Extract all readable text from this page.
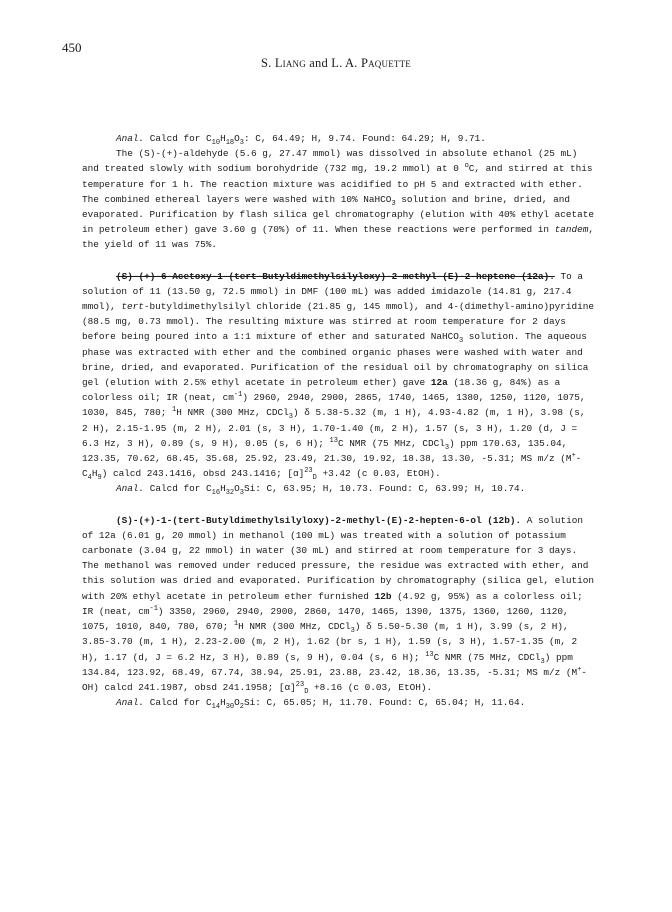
450
S. Liang and L. A. Paquette

Anal. Calcd for $C_{10}H_{18}O_3$: C, 64.49; H, 9.74. Found: 64.29; H, 9.71.

The (S)-(+)-aldehyde (5.6 g, 27.47 mmol) was dissolved in absolute ethanol (25 mL) and treated slowly with sodium borohydride (732 mg, 19.2 mmol) at 0 $^o$C, and stirred at this temperature for 1 h. The reaction mixture was acidified to pH 5 and extracted with ether. The combined ethereal layers were washed with 10% NaHCO$_3$ solution and brine, dried, and evaporated. Purification by flash silica gel chromatography (elution with 40% ethyl acetate in petroleum ether) gave 3.60 g (70%) of 11. When these reactions were performed in tandem, the yield of 11 was 75%.

(S)-(+)-6-Acetoxy-1-(tert-Butyldimethylsilyloxy)-2-methyl-(E)-2-heptene (12a). To a solution of 11 (13.50 g, 72.5 mmol) in DMF (100 mL) was added imidazole (14.81 g, 217.4 mmol), tert-butyldimethylsilyl chloride (21.85 g, 145 mmol), and 4-(dimethyl-amino)pyridine (88.5 mg, 0.73 mmol). The resulting mixture was stirred at room temperature for 2 days before being poured into a 1:1 mixture of ether and saturated NaHCO$_3$ solution. The aqueous phase was extracted with ether and the combined organic phases were washed with water and brine, dried, and evaporated. Purification of the residual oil by chromatography on silica gel (elution with 2.5% ethyl acetate in petroleum ether) gave 12a (18.36 g, 84%) as a colorless oil; IR (neat, $cm^{-1}$) 2960, 2940, 2900, 2865, 1740, 1465, 1380, 1250, 1120, 1075, 1030, 845, 780; $^1$H NMR (300 MHz, CDCl$_3$) δ 5.38-5.32 (m, 1 H), 4.93-4.82 (m, 1 H), 3.98 (s, 2 H), 2.15-1.95 (m, 2 H), 2.01 (s, 3 H), 1.70-1.40 (m, 2 H), 1.57 (s, 3 H), 1.20 (d, J = 6.3 Hz, 3 H), 0.89 (s, 9 H), 0.05 (s, 6 H); $^{13}$C NMR (75 MHz, CDCl$_3$) ppm 170.63, 135.04, 123.35, 70.62, 68.45, 35.68, 25.92, 23.49, 21.30, 19.92, 18.38, 13.30, -5.31; MS m/z $(M^+-C_4H_9)$ calcd 243.1416, obsd 243.1416; $[\alpha]^{23}_D +3.42$ (c 0.03, EtOH).

Anal. Calcd for $C_{16}H_{32}O_3Si$: C, 63.95; H, 10.73. Found: C, 63.99; H, 10.74.

(S)-(+)-1-(tert-Butyldimethylsilyloxy)-2-methyl-(E)-2-hepten-6-ol (12b). A solution of 12a (6.01 g, 20 mmol) in methanol (100 mL) was treated with a solution of potassium carbonate (3.04 g, 22 mmol) in water (30 mL) and stirred at room temperature for 3 days. The methanol was removed under reduced pressure, the residue was extracted with ether, and this solution was dried and evaporated. Purification by chromatography (silica gel, elution with 20% ethyl acetate in petroleum ether furnished 12b (4.92 g, 95%) as a colorless oil; IR (neat, $cm^{-1}$) 3350, 2960, 2940, 2900, 2860, 1470, 1465, 1390, 1375, 1360, 1260, 1120, 1075, 1010, 840, 780, 670; $^1$H NMR (300 MHz, CDCl$_3$) δ 5.50-5.30 (m, 1 H), 3.99 (s, 2 H), 3.85-3.70 (m, 1 H), 2.23-2.00 (m, 2 H), 1.62 (br s, 1 H), 1.59 (s, 3 H), 1.57-1.35 (m, 2 H), 1.17 (d, J = 6.2 Hz, 3 H), 0.89 (s, 9 H), 0.04 (s, 6 H); $^{13}$C NMR (75 MHz, CDCl$_3$) ppm 134.84, 123.92, 68.49, 67.74, 38.94, 25.91, 23.88, 23.42, 18.36, 13.35, -5.31; MS m/z (M+-OH) calcd 241.1987, obsd 241.1958; $[\alpha]^{23}_D +8.16$ (c 0.03, EtOH).

Anal. Calcd for $C_{14}H_{30}O_2Si$: C, 65.05; H, 11.70. Found: C, 65.04; H, 11.64.
